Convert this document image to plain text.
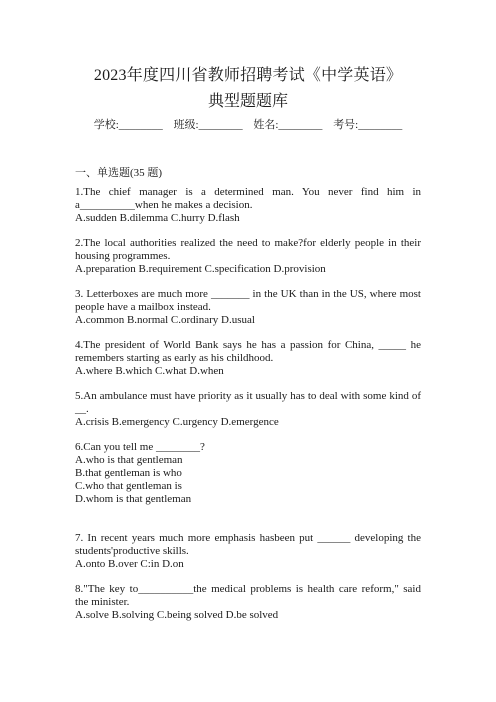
2023年度四川省教师招聘考试《中学英语》
典型题题库
学校:________ 班级:________ 姓名:________ 考号:________
一、单选题(35 题)
1.The chief manager is a determined man. You never find him in a__________when he makes a decision.
A.sudden B.dilemma C.hurry D.flash
2.The local authorities realized the need to make?for elderly people in their housing programmes.
A.preparation B.requirement C.specification D.provision
3. Letterboxes are much more _______ in the UK than in the US, where most people have a mailbox instead.
A.common B.normal C.ordinary D.usual
4.The president of World Bank says he has a passion for China, _____ he remembers starting as early as his childhood.
A.where B.which C.what D.when
5.An ambulance must have priority as it usually has to deal with some kind of __.
A.crisis B.emergency C.urgency D.emergence
6.Can you tell me ________?
A.who is that gentleman
B.that gentleman is who
C.who that gentleman is
D.whom is that gentleman
7. In recent years much more emphasis hasbeen put ______ developing the students'productive skills.
A.onto B.over C:in D.on
8."The key to__________the medical problems is health care reform," said the minister.
A.solve B.solving C.being solved D.be solved
